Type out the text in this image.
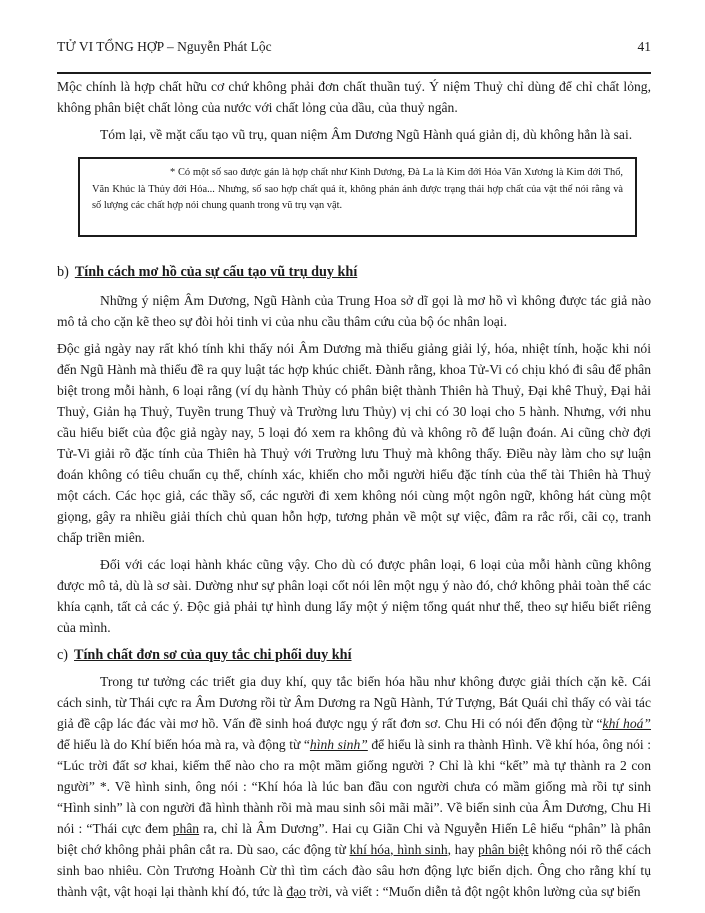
TỬ VI TỔNG HỢP – Nguyễn Phát Lộc	41

Mộc chính là hợp chất hữu cơ chứ không phải đơn chất thuần tuý. Ý niệm Thuỷ chỉ dùng để chỉ chất lỏng, không phân biệt chất lỏng của nước với chất lỏng của dầu, của thuỷ ngân.

Tóm lại, về mặt cấu tạo vũ trụ, quan niệm Âm Dương Ngũ Hành quá giản dị, dù không hẳn là sai.

* Có một số sao được gán là hợp chất như Kình Dương, Đà La là Kim đới Hỏa Văn Xương là Kim đới Thổ, Văn Khúc là Thủy đới Hỏa... Nhưng, số sao hợp chất quá ít, không phản ảnh được trạng thái hợp chất của vật thể nói rằng và số lượng các chất hợp nói chung quanh trong vũ trụ vạn vật.

b) Tính cách mơ hồ của sự cấu tạo vũ trụ duy khí

Những ý niệm Âm Dương, Ngũ Hành của Trung Hoa sở dĩ gọi là mơ hồ vì không được tác giả nào mô tả cho cặn kẽ theo sự đòi hỏi tinh vi của nhu cầu thâm cứu của bộ óc nhân loại.

Độc giả ngày nay rất khó tính khi thấy nói Âm Dương mà thiếu giảng giải lý, hóa, nhiệt tính, hoặc khi nói đến Ngũ Hành mà thiếu đề ra quy luật tác hợp khúc chiết. Đành rằng, khoa Tử-Vi có chịu khó đi sâu để phân biệt trong mỗi hành, 6 loại rằng (ví dụ hành Thủy có phân biệt thành Thiên hà Thuỷ, Đại khê Thuỷ, Đại hải Thuỷ, Giản hạ Thuỷ, Tuyền trung Thuỷ và Trường lưu Thủy) vị chi có 30 loại cho 5 hành. Nhưng, với nhu cầu hiểu biết của độc giả ngày nay, 5 loại đó xem ra không đủ và không rõ để luận đoán. Ai cũng chờ đợi Tử-Vi giải rõ đặc tính của Thiên hà Thuỷ với Trường lưu Thuỷ mà không thấy. Điều này làm cho sự luận đoán không có tiêu chuẩn cụ thể, chính xác, khiến cho mỗi người hiểu đặc tính của thể tài Thiên hà Thuỷ một cách. Các học giả, các thầy số, các người đi xem không nói cùng một ngôn ngữ, không hát cùng một giọng, gây ra nhiều giải thích chủ quan hỗn hợp, tương phản về một sự việc, đâm ra rắc rối, cãi cọ, tranh chấp triền miên.

Đối với các loại hành khác cũng vậy. Cho dù có được phân loại, 6 loại của mỗi hành cũng không được mô tả, dù là sơ sài. Dường như sự phân loại cốt nói lên một ngụ ý nào đó, chớ không phải toàn thể các khía cạnh, tất cả các ý. Độc giả phải tự hình dung lấy một ý niệm tổng quát như thế, theo sự hiểu biết riêng của mình.

c) Tính chất đơn sơ của quy tắc chi phối duy khí

Trong tư tưởng các triết gia duy khí, quy tắc biến hóa hầu như không được giải thích cặn kẽ. Cái cách sinh, từ Thái cực ra Âm Dương rồi từ Âm Dương ra Ngũ Hành, Tứ Tượng, Bát Quái chỉ thấy có vài tác giả đề cập lác đác vài mơ hồ. Vấn đề sinh hoá được ngụ ý rất đơn sơ. Chu Hi có nói đến động từ “khí hoá” để hiểu là do Khí biến hóa mà ra, và động từ “hình sinh” để hiểu là sinh ra thành Hình. Về khí hóa, ông nói : “Lúc trời đất sơ khai, kiếm thế nào cho ra một mầm giống người ? Chỉ là khi “kết” mà tự thành ra 2 con người” *. Về hình sinh, ông nói : “Khí hóa là lúc ban đầu con người chưa có mầm giống mà rồi tự sinh “Hình sinh” là con người đã hình thành rồi mà mau sinh sôi mãi mãi”. Về biến sinh của Âm Dương, Chu Hi nói : “Thái cực đem phân ra, chỉ là Âm Dương”. Hai cụ Giãn Chi và Nguyễn Hiến Lê hiểu “phân” là phân biệt chớ không phải phân cắt ra. Dù sao, các động từ khí hóa, hình sinh, hay phân biệt không nói rõ thể cách sinh bao nhiêu. Còn Trương Hoành Cừ thì tìm cách đào sâu hơn động lực biến dịch. Ông cho rằng khí tụ thành vật, vật hoại lại thành khí đó, tức là đạo trời, và viết : “Muốn diễn tả đột ngột khôn lường của sự biến
